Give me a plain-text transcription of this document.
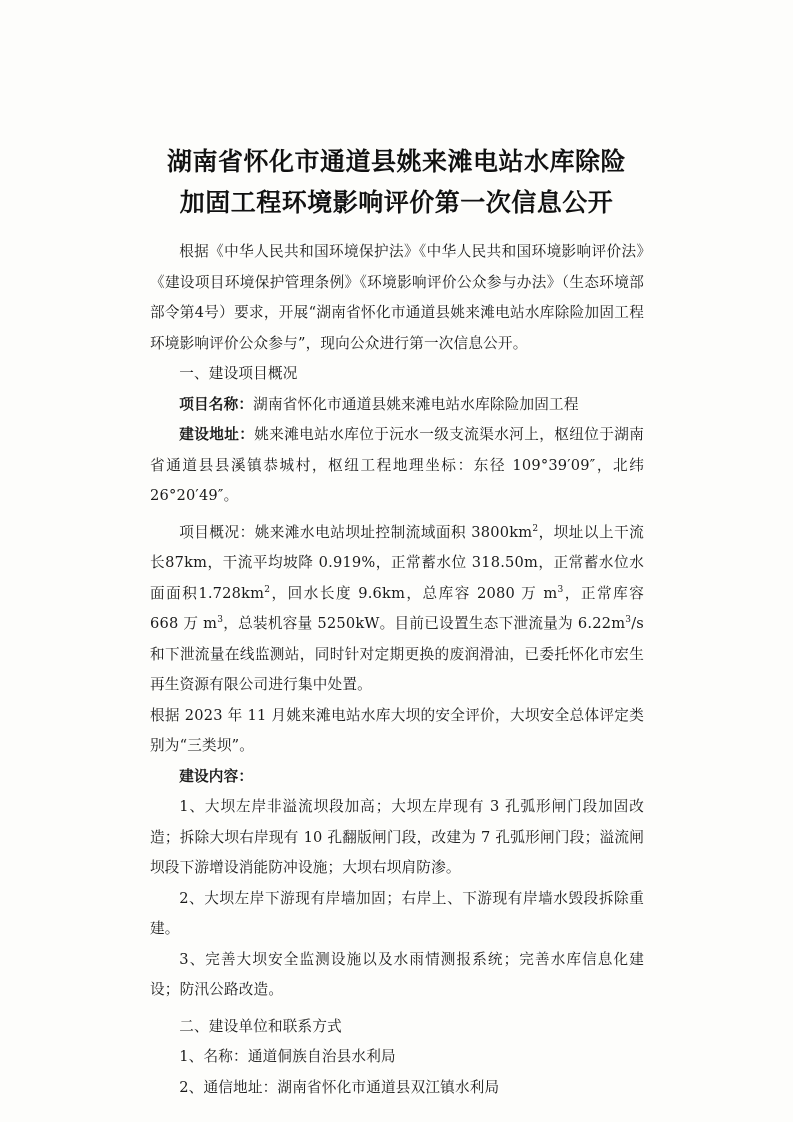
湖南省怀化市通道县姚来滩电站水库除险
加固工程环境影响评价第一次信息公开

根据《中华人民共和国环境保护法》《中华人民共和国环境影响评价法》《建设项目环境保护管理条例》《环境影响评价公众参与办法》（生态环境部部令第4号）要求，开展“湖南省怀化市通道县姚来滩电站水库除险加固工程环境影响评价公众参与”，现向公众进行第一次信息公开。

一、建设项目概况

项目名称：湖南省怀化市通道县姚来滩电站水库除险加固工程

建设地址：姚来滩电站水库位于沅水一级支流渠水河上，枢纽位于湖南省通道县县溪镇恭城村，枢纽工程地理坐标：东径 109°39′09″，北纬 26°20′49″。

项目概况：姚来滩水电站坝址控制流域面积 $3800km^2$，坝址以上干流长87km，干流平均坡降 0.919%，正常蓄水位 318.50m，正常蓄水位水面面积$1.728km^2$，回水长度 9.6km，总库容 2080 万 $m^3$，正常库容 668 万 $m^3$，总装机容量 5250kW。目前已设置生态下泄流量为 $6.22m^3/s$ 和下泄流量在线监测站，同时针对定期更换的废润滑油，已委托怀化市宏生再生资源有限公司进行集中处置。

根据 2023 年 11 月姚来滩电站水库大坝的安全评价，大坝安全总体评定类别为“三类坝”。

建设内容：

1、大坝左岸非溢流坝段加高；大坝左岸现有 3 孔弧形闸门段加固改造；拆除大坝右岸现有 10 孔翻版闸门段，改建为 7 孔弧形闸门段；溢流闸坝段下游增设消能防冲设施；大坝右坝肩防渗。

2、大坝左岸下游现有岸墙加固；右岸上、下游现有岸墙水毁段拆除重建。

3、完善大坝安全监测设施以及水雨情测报系统；完善水库信息化建设；防汛公路改造。

二、建设单位和联系方式

1、名称：通道侗族自治县水利局

2、通信地址：湖南省怀化市通道县双江镇水利局
